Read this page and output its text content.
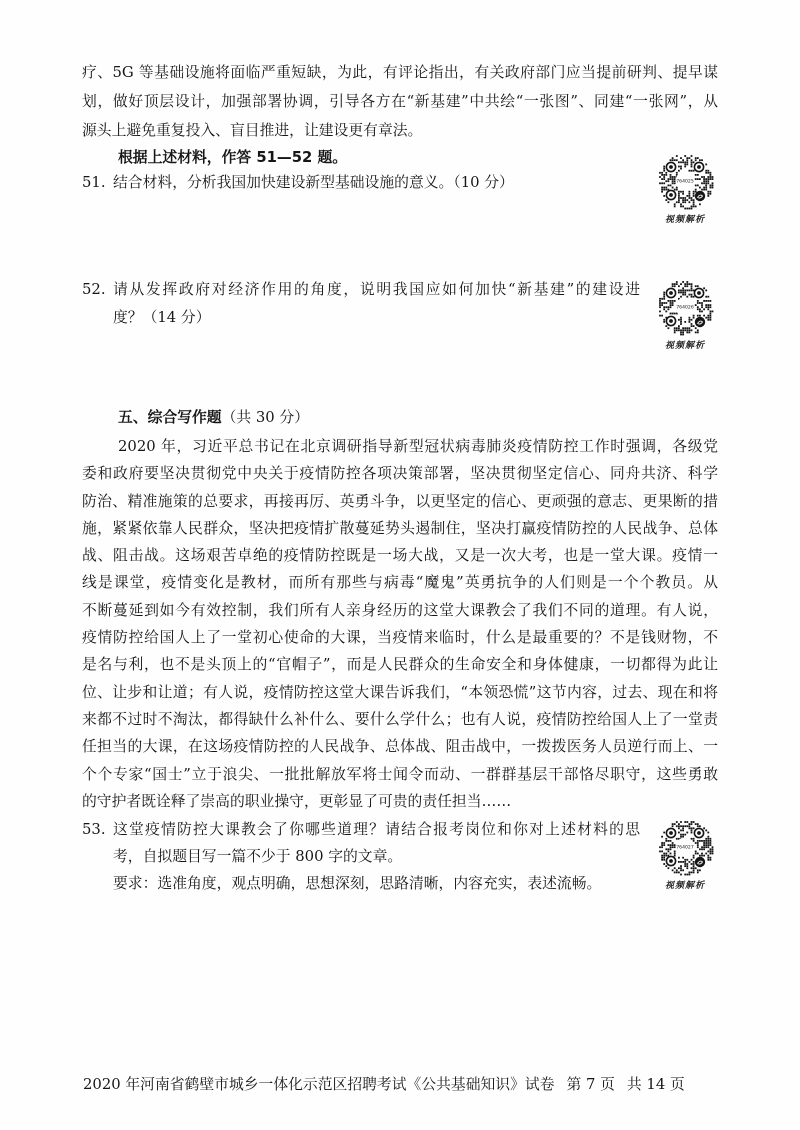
疗、5G 等基础设施将面临严重短缺，为此，有评论指出，有关政府部门应当提前研判、提早谋
划，做好顶层设计，加强部署协调，引导各方在“新基建”中共绘“一张图”、同建“一张网”，从
源头上避免重复投入、盲目推进，让建设更有章法。
根据上述材料，作答 51—52 题。
51. 结合材料，分析我国加快建设新型基础设施的意义。（10 分）	764025
视频解析
52. 请从发挥政府对经济作用的角度，说明我国应如何加快“新基建”的建设进
度？（14 分）
764026
视频解析
五、综合写作题（共 30 分）
2020 年，习近平总书记在北京调研指导新型冠状病毒肺炎疫情防控工作时强调，各级党
委和政府要坚决贯彻党中央关于疫情防控各项决策部署，坚决贯彻坚定信心、同舟共济、科学
防治、精准施策的总要求，再接再厉、英勇斗争，以更坚定的信心、更顽强的意志、更果断的措
施，紧紧依靠人民群众，坚决把疫情扩散蔓延势头遏制住，坚决打赢疫情防控的人民战争、总体
战、阻击战。这场艰苦卓绝的疫情防控既是一场大战，又是一次大考，也是一堂大课。疫情一
线是课堂，疫情变化是教材，而所有那些与病毒“魔鬼”英勇抗争的人们则是一个个教员。从
不断蔓延到如今有效控制，我们所有人亲身经历的这堂大课教会了我们不同的道理。有人说，
疫情防控给国人上了一堂初心使命的大课，当疫情来临时，什么是最重要的？不是钱财物，不
是名与利，也不是头顶上的“官帽子”，而是人民群众的生命安全和身体健康，一切都得为此让
位、让步和让道；有人说，疫情防控这堂大课告诉我们，“本领恐慌”这节内容，过去、现在和将
来都不过时不淘汰，都得缺什么补什么、要什么学什么；也有人说，疫情防控给国人上了一堂责
任担当的大课，在这场疫情防控的人民战争、总体战、阻击战中，一拨拨医务人员逆行而上、一
个个专家“国士”立于浪尖、一批批解放军将士闻令而动、一群群基层干部恪尽职守，这些勇敢
的守护者既诠释了崇高的职业操守，更彰显了可贵的责任担当……
53. 这堂疫情防控大课教会了你哪些道理？请结合报考岗位和你对上述材料的思
考，自拟题目写一篇不少于 800 字的文章。
要求：选准角度，观点明确，思想深刻，思路清晰，内容充实，表述流畅。
764027
视频解析
2020 年河南省鹤壁市城乡一体化示范区招聘考试《公共基础知识》试卷 第 7 页 共 14 页
